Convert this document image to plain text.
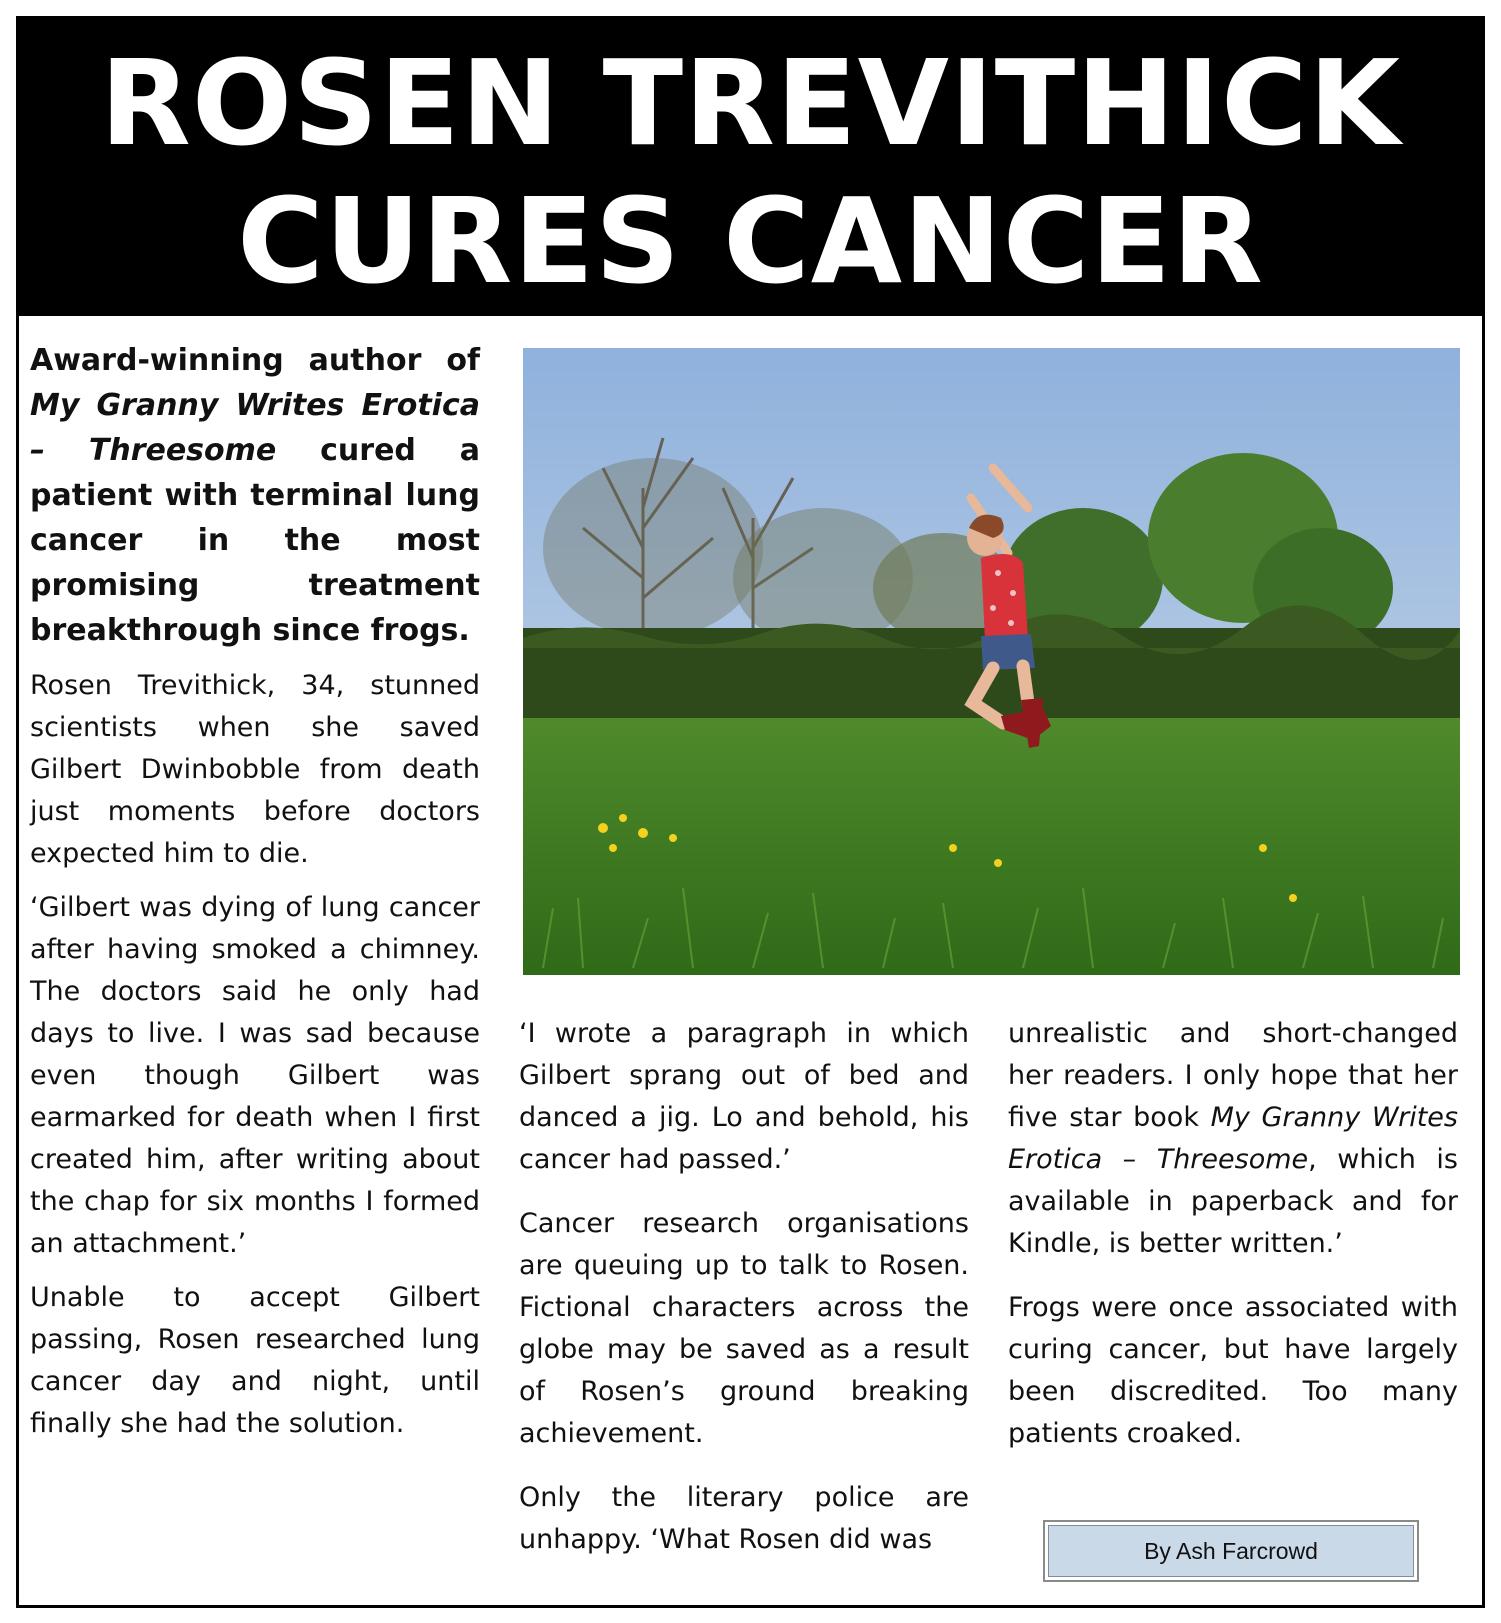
ROSEN TREVITHICK
CURES CANCER

Award-winning author of My Granny Writes Erotica – Threesome cured a patient with terminal lung cancer in the most promising treatment breakthrough since frogs.

Rosen Trevithick, 34, stunned scientists when she saved Gilbert Dwinbobble from death just moments before doctors expected him to die.

‘Gilbert was dying of lung cancer after having smoked a chimney. The doctors said he only had days to live. I was sad because even though Gilbert was earmarked for death when I first created him, after writing about the chap for six months I formed an attachment.’

Unable to accept Gilbert passing, Rosen researched lung cancer day and night, until finally she had the solution.

‘I wrote a paragraph in which Gilbert sprang out of bed and danced a jig. Lo and behold, his cancer had passed.’

Cancer research organisations are queuing up to talk to Rosen. Fictional characters across the globe may be saved as a result of Rosen’s ground breaking achievement.

Only the literary police are unhappy. ‘What Rosen did was

unrealistic and short-changed her readers. I only hope that her five star book My Granny Writes Erotica – Threesome, which is available in paperback and for Kindle, is better written.’

Frogs were once associated with curing cancer, but have largely been discredited. Too many patients croaked.

By Ash Farcrowd
